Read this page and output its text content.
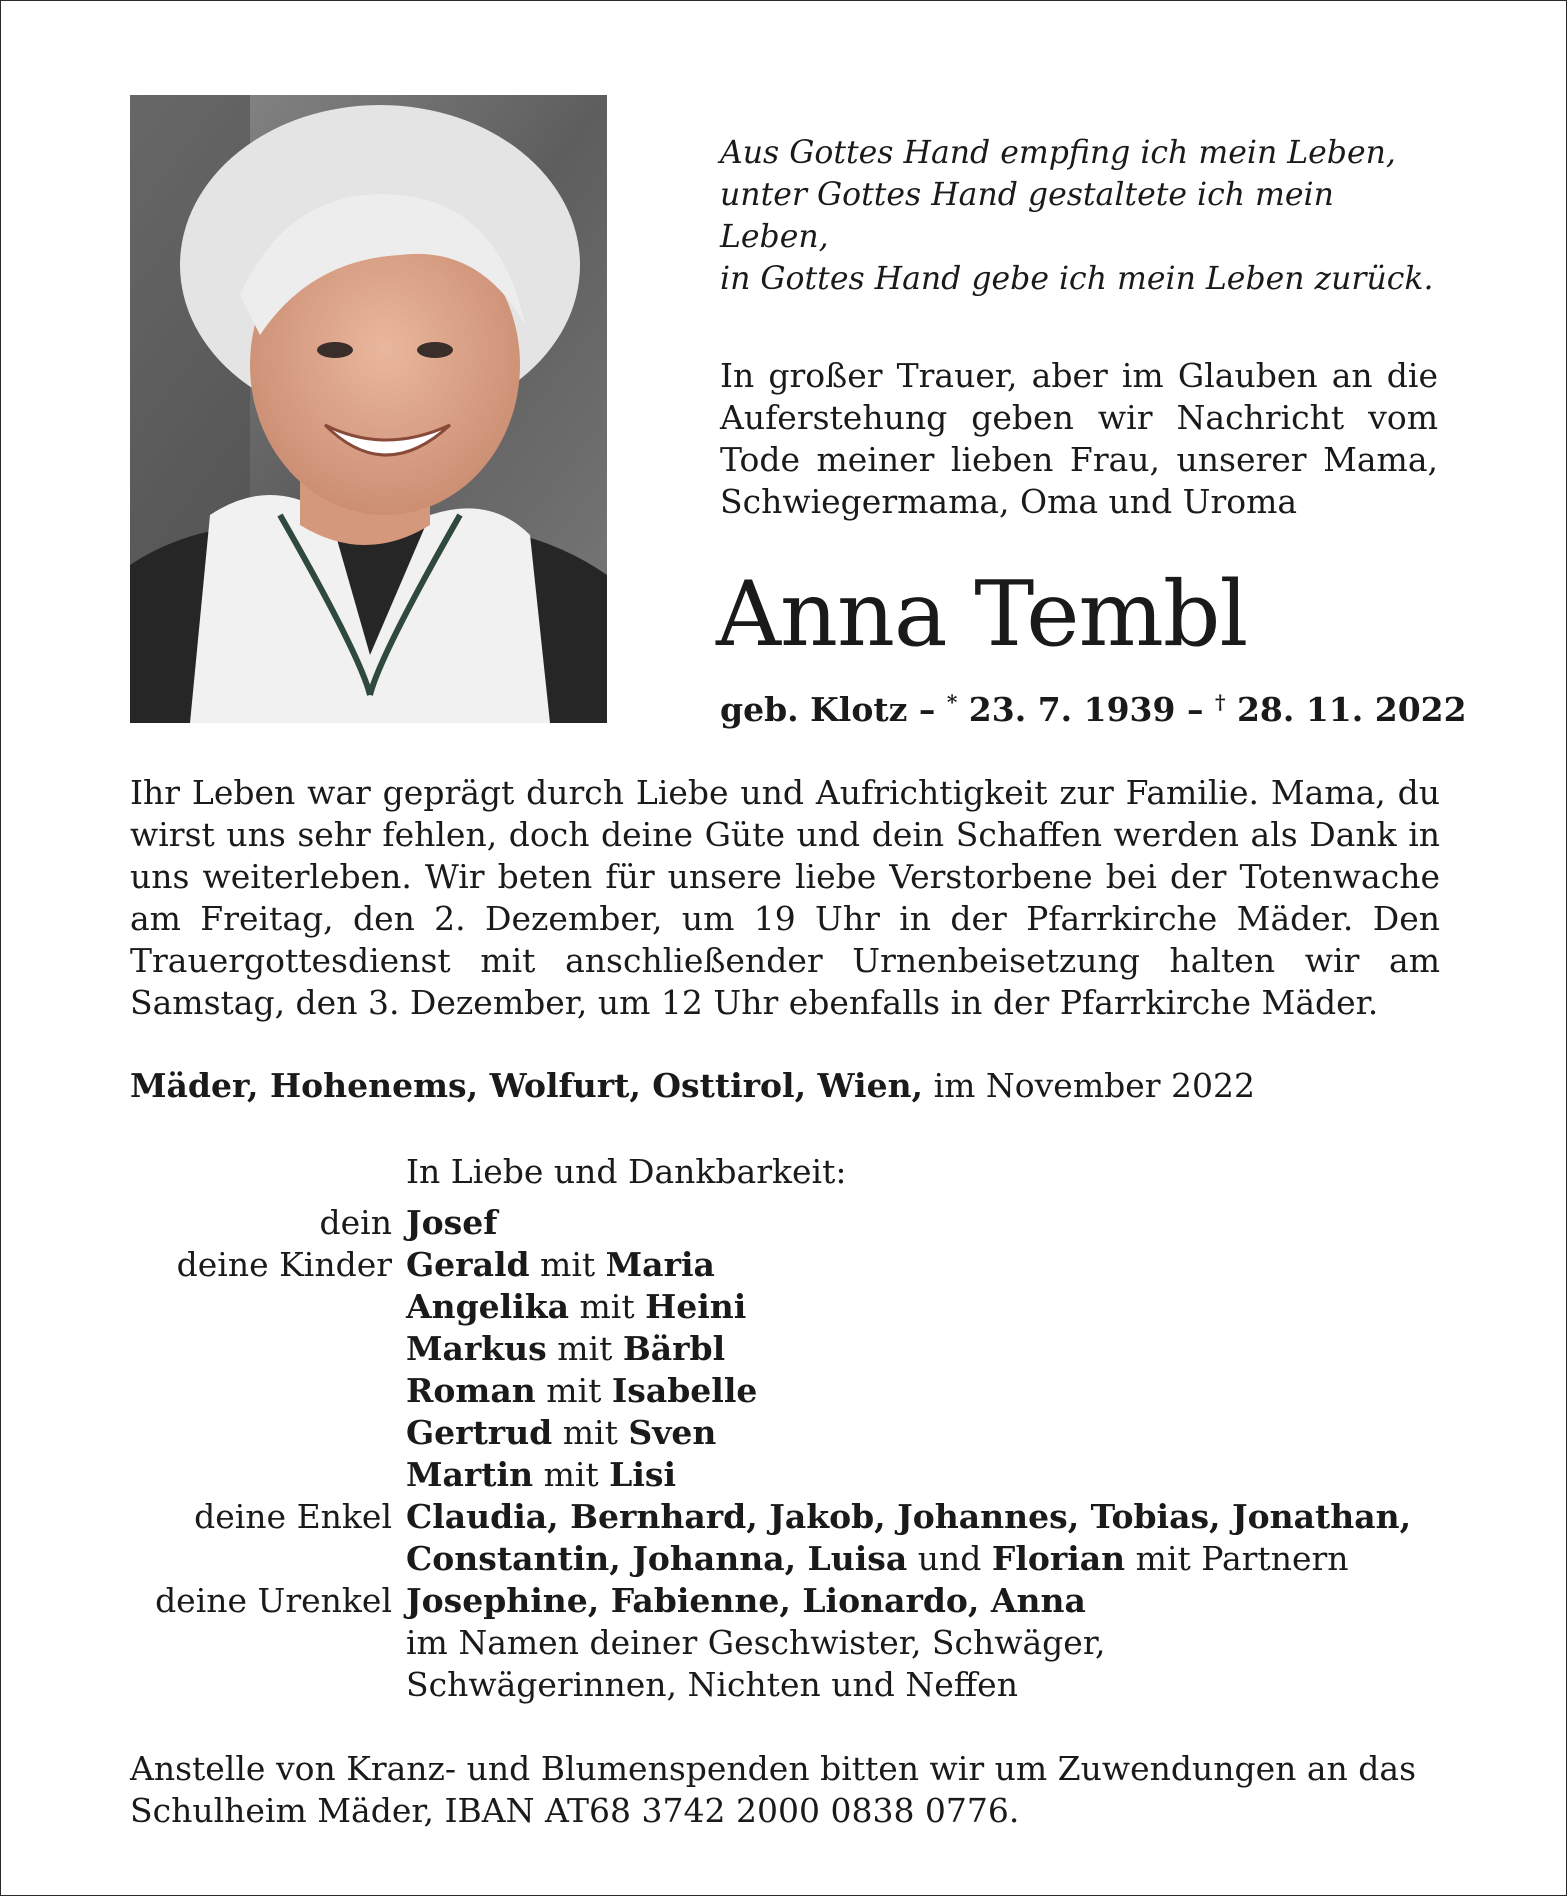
Aus Gottes Hand empfing ich mein Leben,
unter Gottes Hand gestaltete ich mein Leben,
in Gottes Hand gebe ich mein Leben zurück.
In großer Trauer, aber im Glauben an die Auferstehung geben wir Nachricht vom Tode meiner lieben Frau, unserer Mama, Schwiegermama, Oma und Uroma
Anna Tembl
geb. Klotz – * 23. 7. 1939 – † 28. 11. 2022
Ihr Leben war geprägt durch Liebe und Aufrichtigkeit zur Familie. Mama, du wirst uns sehr fehlen, doch deine Güte und dein Schaffen werden als Dank in uns weiterleben. Wir beten für unsere liebe Verstorbene bei der Totenwache am Freitag, den 2. Dezember, um 19 Uhr in der Pfarrkirche Mäder. Den Trauergottesdienst mit anschließender Urnenbeisetzung halten wir am Samstag, den 3. Dezember, um 12 Uhr ebenfalls in der Pfarrkirche Mäder.
Mäder, Hohenems, Wolfurt, Osttirol, Wien, im November 2022
In Liebe und Dankbarkeit:
dein Josef
deine Kinder Gerald mit Maria
Angelika mit Heini
Markus mit Bärbl
Roman mit Isabelle
Gertrud mit Sven
Martin mit Lisi
deine Enkel Claudia, Bernhard, Jakob, Johannes, Tobias, Jonathan,
Constantin, Johanna, Luisa und Florian mit Partnern
deine Urenkel Josephine, Fabienne, Lionardo, Anna
im Namen deiner Geschwister, Schwäger,
Schwägerinnen, Nichten und Neffen
Anstelle von Kranz- und Blumenspenden bitten wir um Zuwendungen an das
Schulheim Mäder, IBAN AT68 3742 2000 0838 0776.
